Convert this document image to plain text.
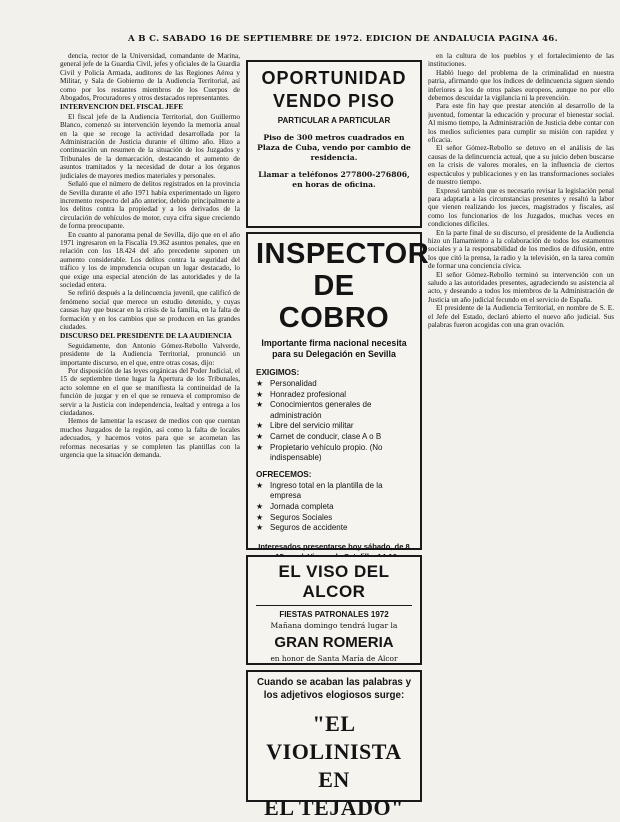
A B C. SABADO 16 DE SEPTIEMBRE DE 1972. EDICION DE ANDALUCIA PAGINA 46.

dencia, rector de la Universidad, comandante de Marina, general jefe de la Guardia Civil, jefes y oficiales de la Guardia Civil y Policía Armada, auditores de las Regiones Aérea y Militar, y Sala de Gobierno de la Audiencia Territorial, así como por los restantes miembros de los Cuerpos de Abogados, Procuradores y otros destacados representantes.

INTERVENCION DEL FISCAL JEFE

El fiscal jefe de la Audiencia Territorial, don Guillermo Blanco, comenzó su intervención leyendo la memoria anual en la que se recoge la actividad desarrollada por la Administración de Justicia durante el último año. Hizo a continuación un resumen de la situación de los Juzgados y Tribunales de la demarcación, destacando el aumento de asuntos tramitados y la necesidad de dotar a los órganos judiciales de mayores medios materiales y personales.

Señaló que el número de delitos registrados en la provincia de Sevilla durante el año 1971 había experimentado un ligero incremento respecto del año anterior, debido principalmente a los delitos contra la propiedad y a los derivados de la circulación de vehículos de motor, cuya cifra sigue creciendo de forma preocupante.

En cuanto al panorama penal de Sevilla, dijo que en el año 1971 ingresaron en la Fiscalía 19.362 asuntos penales, que en relación con los 18.424 del año precedente suponen un aumento considerable. Los delitos contra la seguridad del tráfico y los de imprudencia ocupan un lugar destacado, lo que exige una especial atención de las autoridades y de la sociedad entera.

Se refirió después a la delincuencia juvenil, que calificó de fenómeno social que merece un estudio detenido, y cuyas causas hay que buscar en la crisis de la familia, en la falta de formación y en los cambios que se producen en las grandes ciudades.

DISCURSO DEL PRESIDENTE DE LA AUDIENCIA

Seguidamente, don Antonio Gómez-Rebollo Valverde, presidente de la Audiencia Territorial, pronunció un importante discurso, en el que, entre otras cosas, dijo:

Por disposición de las leyes orgánicas del Poder Judicial, el 15 de septiembre tiene lugar la Apertura de los Tribunales, acto solemne en el que se manifiesta la continuidad de la función de juzgar y en el que se renueva el compromiso de servir a la Justicia con independencia, lealtad y entrega a los ciudadanos.

Hemos de lamentar la escasez de medios con que cuentan muchos Juzgados de la región, así como la falta de locales adecuados, y hacemos votos para que se acometan las reformas necesarias y se completen las plantillas con la urgencia que la situación demanda.

OPORTUNIDAD
VENDO PISO
PARTICULAR A PARTICULAR
Piso de 300 metros cuadrados en Plaza de Cuba, vendo por cambio de residencia.
Llamar a teléfonos 277800-276806, en horas de oficina.
INSPECTOR
DE COBRO
Importante firma nacional necesita para su Delegación en Sevilla
EXIGIMOS:
★ Personalidad
★ Honradez profesional
★ Conocimientos generales de administración
★ Libre del servicio militar
★ Carnet de conducir, clase A o B
★ Propietario vehículo propio. (No indispensable)
OFRECEMOS:
★ Ingreso total en la plantilla de la empresa
★ Jornada completa
★ Seguros Sociales
★ Seguros de accidente
Interesados presentarse hoy sábado, de 8
EL VISO DEL ALCOR
FIESTAS PATRONALES 1972
Mañana domingo tendrá lugar la
GRAN ROMERIA
en honor de Santa María de Alcor
Cuando se acaban las palabras y los adjetivos elogiosos surge:
"EL VIOLINISTA EN
EL TEJADO"

en la cultura de los pueblos y el fortalecimiento de las instituciones.

Habló luego del problema de la criminalidad en nuestra patria, afirmando que los índices de delincuencia siguen siendo inferiores a los de otros países europeos, aunque no por ello debemos descuidar la vigilancia ni la prevención.

Para este fin hay que prestar atención al desarrollo de la juventud, fomentar la educación y procurar el bienestar social. Al mismo tiempo, la Administración de Justicia debe contar con los medios suficientes para cumplir su misión con rapidez y eficacia.

El señor Gómez-Rebollo se detuvo en el análisis de las causas de la delincuencia actual, que a su juicio deben buscarse en la crisis de valores morales, en la influencia de ciertos espectáculos y publicaciones y en las transformaciones sociales de nuestro tiempo.

Expresó también que es necesario revisar la legislación penal para adaptarla a las circunstancias presentes y resaltó la labor que vienen realizando los jueces, magistrados y fiscales, así como los funcionarios de los Juzgados, muchas veces en condiciones difíciles.

En la parte final de su discurso, el presidente de la Audiencia hizo un llamamiento a la colaboración de todos los estamentos sociales y a la responsabilidad de los medios de difusión, entre los que citó la prensa, la radio y la televisión, en la tarea común de formar una conciencia cívica.

El señor Gómez-Rebollo terminó su intervención con un saludo a las autoridades presentes, agradeciendo su asistencia al acto, y deseando a todos los miembros de la Administración de Justicia un año judicial fecundo en el servicio de España.

El presidente de la Audiencia Territorial, en nombre de S. E. el Jefe del Estado, declaró abierto el nuevo año judicial. Sus palabras fueron acogidas con una gran ovación.
